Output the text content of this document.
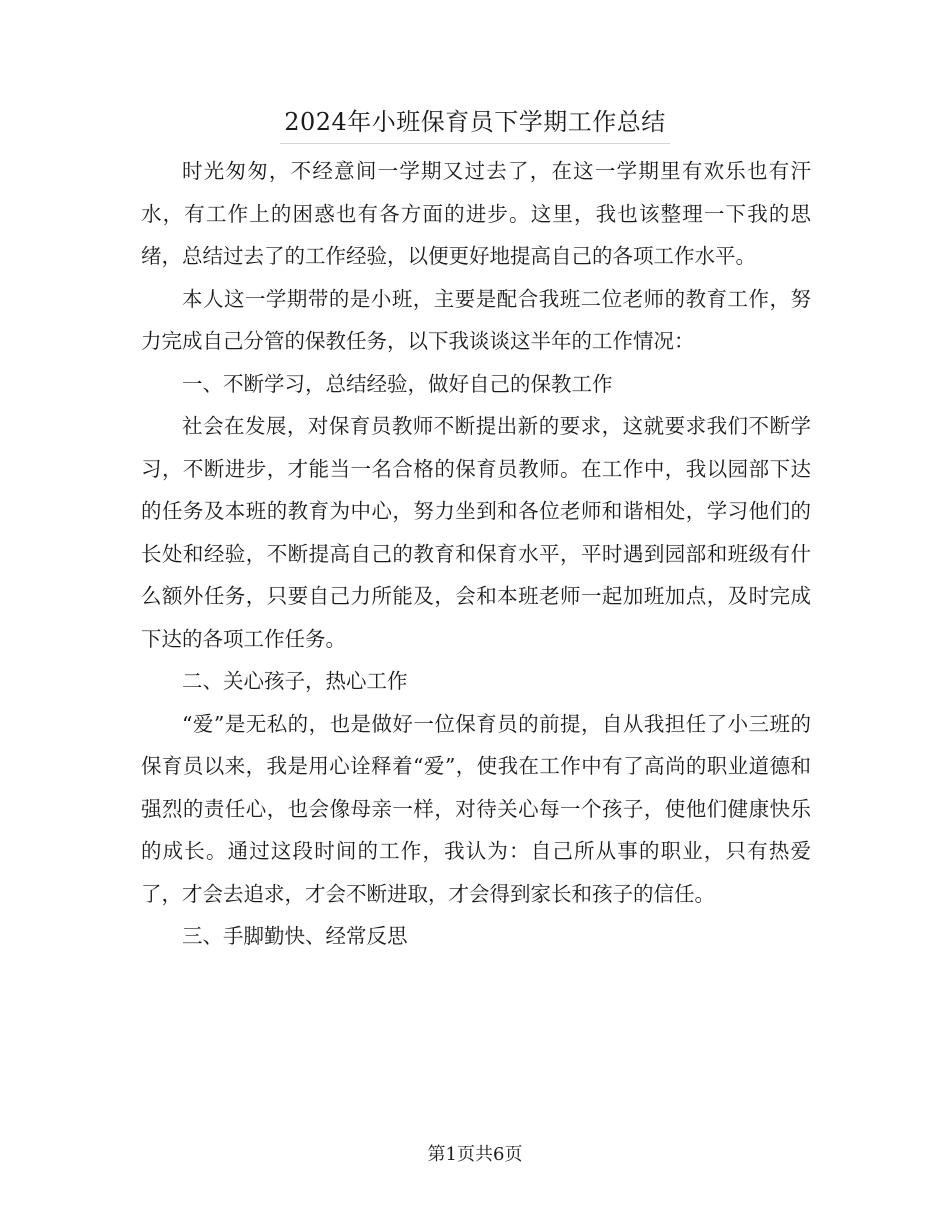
2024年小班保育员下学期工作总结

时光匆匆，不经意间一学期又过去了，在这一学期里有欢乐也有汗水，有工作上的困惑也有各方面的进步。这里，我也该整理一下我的思绪，总结过去了的工作经验，以便更好地提高自己的各项工作水平。

本人这一学期带的是小班，主要是配合我班二位老师的教育工作，努力完成自己分管的保教任务，以下我谈谈这半年的工作情况：

一、不断学习，总结经验，做好自己的保教工作

社会在发展，对保育员教师不断提出新的要求，这就要求我们不断学习，不断进步，才能当一名合格的保育员教师。在工作中，我以园部下达的任务及本班的教育为中心，努力坐到和各位老师和谐相处，学习他们的长处和经验，不断提高自己的教育和保育水平，平时遇到园部和班级有什么额外任务，只要自己力所能及，会和本班老师一起加班加点，及时完成下达的各项工作任务。

二、关心孩子，热心工作

“爱”是无私的，也是做好一位保育员的前提，自从我担任了小三班的保育员以来，我是用心诠释着“爱”，使我在工作中有了高尚的职业道德和强烈的责任心，也会像母亲一样，对待关心每一个孩子，使他们健康快乐的成长。通过这段时间的工作，我认为：自己所从事的职业，只有热爱了，才会去追求，才会不断进取，才会得到家长和孩子的信任。

三、手脚勤快、经常反思

第1页共6页
